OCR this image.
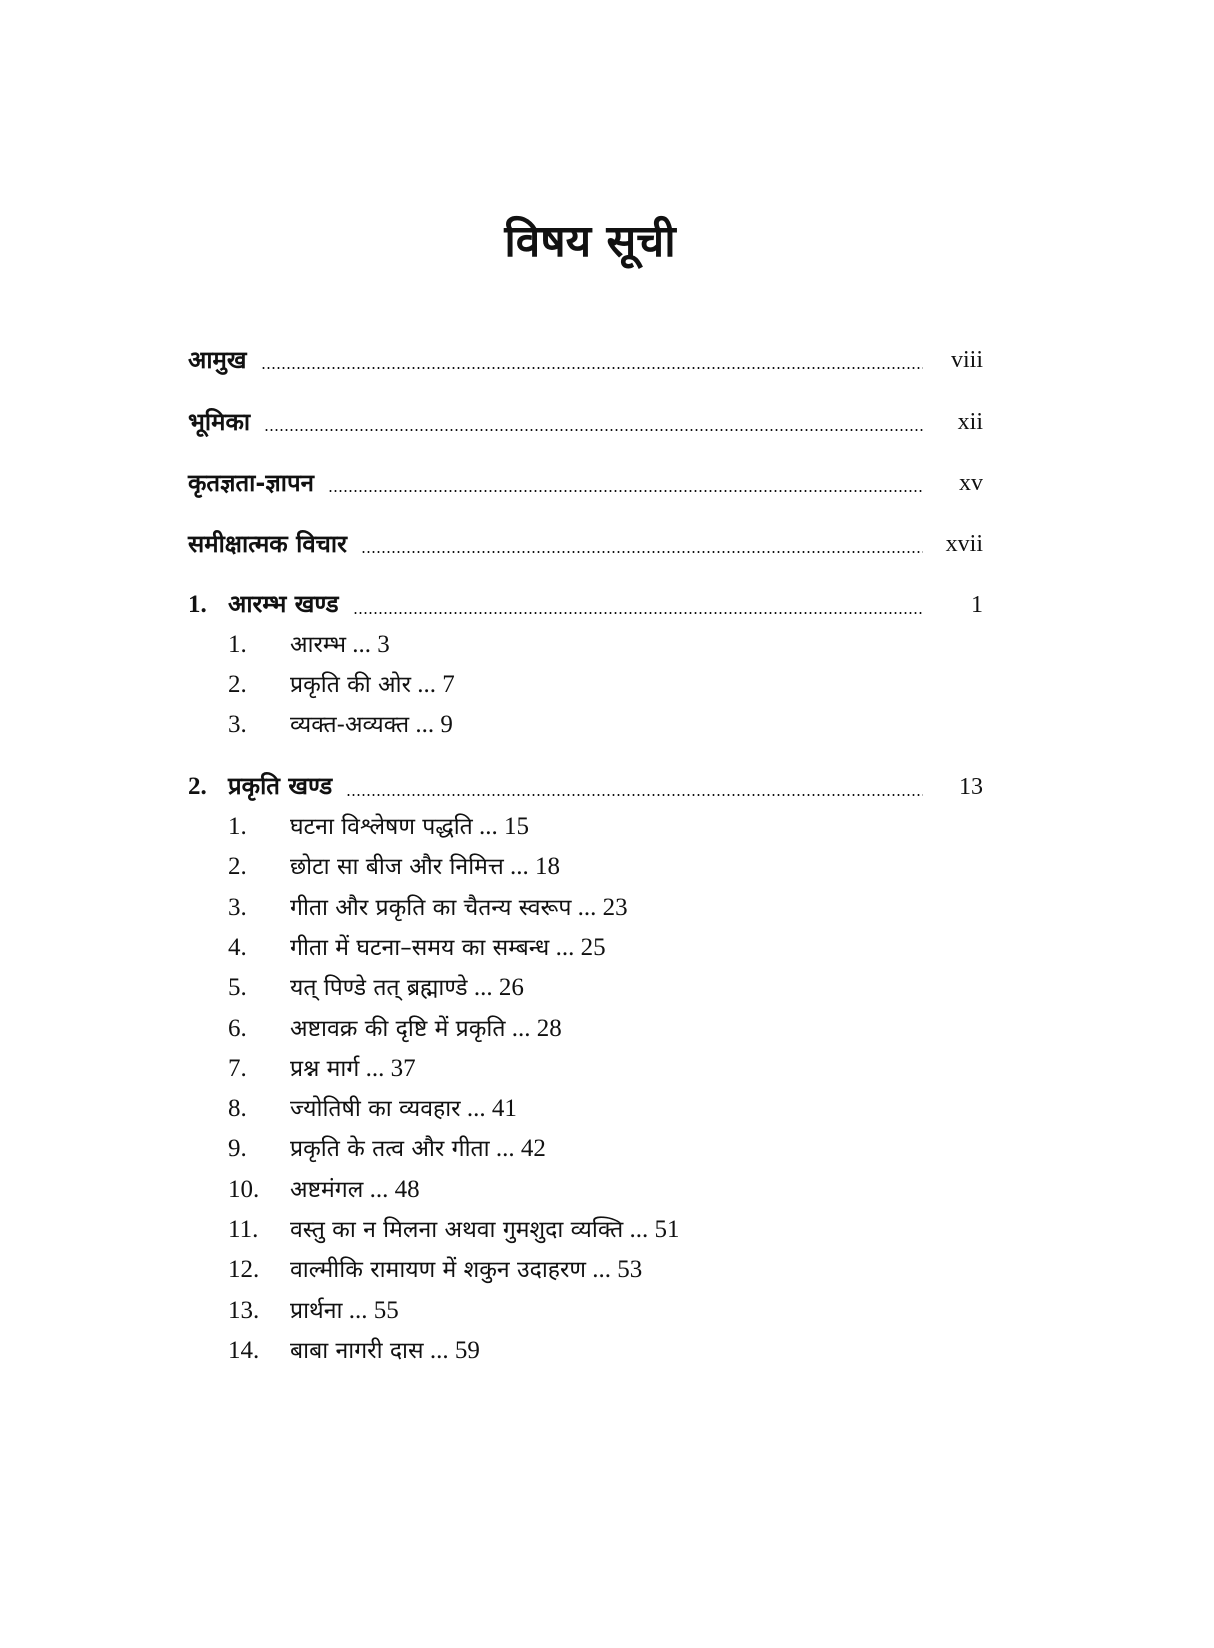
विषय सूची
आमुख	viii
भूमिका	xii
कृतज्ञता-ज्ञापन	xv
समीक्षात्मक विचार	xvii
1. आरम्भ खण्ड	1
1.	आरम्भ ... 3
2.	प्रकृति की ओर ... 7
3.	व्यक्त-अव्यक्त ... 9
2. प्रकृति खण्ड	13
1.	घटना विश्लेषण पद्धति ... 15
2.	छोटा सा बीज और निमित्त ... 18
3.	गीता और प्रकृति का चैतन्य स्वरूप ... 23
4.	गीता में घटना–समय का सम्बन्ध ... 25
5.	यत् पिण्डे तत् ब्रह्माण्डे ... 26
6.	अष्टावक्र की दृष्टि में प्रकृति ... 28
7.	प्रश्न मार्ग ... 37
8.	ज्योतिषी का व्यवहार ... 41
9.	प्रकृति के तत्व और गीता ... 42
10.	अष्टमंगल ... 48
11.	वस्तु का न मिलना अथवा गुमशुदा व्यक्ति ... 51
12.	वाल्मीकि रामायण में शकुन उदाहरण ... 53
13.	प्रार्थना ... 55
14.	बाबा नागरी दास ... 59
